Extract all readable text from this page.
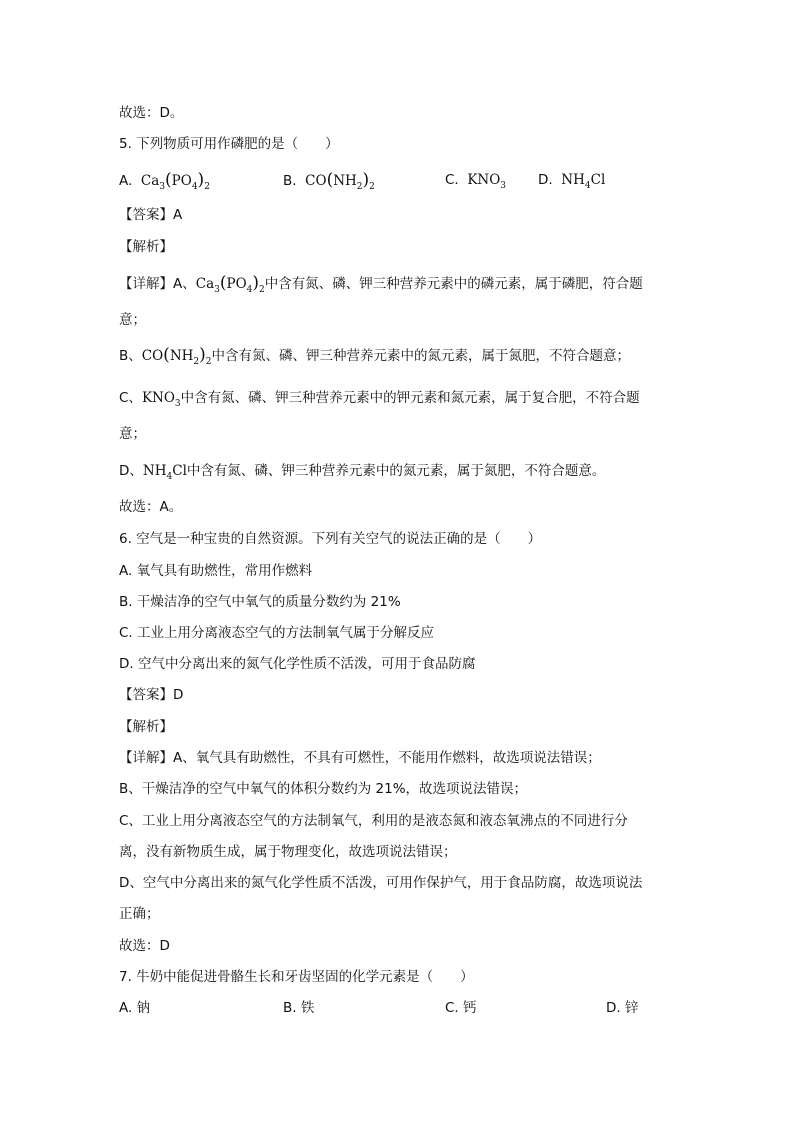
故选：D。
5. 下列物质可用作磷肥的是（　　）
A. $Ca_3(PO_4)_2$	B. $CO(NH_2)_2$	C. $KNO_3$ D. $NH_4Cl$
【答案】A
【解析】
【详解】A、$Ca_3(PO_4)_2$中含有氮、磷、钾三种营养元素中的磷元素，属于磷肥，符合题
意；
B、$CO(NH_2)_2$中含有氮、磷、钾三种营养元素中的氮元素，属于氮肥，不符合题意；
C、$KNO_3$中含有氮、磷、钾三种营养元素中的钾元素和氮元素，属于复合肥，不符合题
意；
D、$NH_4Cl$中含有氮、磷、钾三种营养元素中的氮元素，属于氮肥，不符合题意。
故选：A。
6. 空气是一种宝贵的自然资源。下列有关空气的说法正确的是（　　）
A. 氧气具有助燃性，常用作燃料
B. 干燥洁净的空气中氧气的质量分数约为 21%
C. 工业上用分离液态空气的方法制氧气属于分解反应
D. 空气中分离出来的氮气化学性质不活泼，可用于食品防腐
【答案】D
【解析】
【详解】A、氧气具有助燃性，不具有可燃性，不能用作燃料，故选项说法错误；
B、干燥洁净的空气中氧气的体积分数约为 21%，故选项说法错误；
C、工业上用分离液态空气的方法制氧气，利用的是液态氮和液态氧沸点的不同进行分
离，没有新物质生成，属于物理变化，故选项说法错误；
D、空气中分离出来的氮气化学性质不活泼，可用作保护气，用于食品防腐，故选项说法
正确；
故选：D
7. 牛奶中能促进骨骼生长和牙齿坚固的化学元素是（　　）
A. 钠	B. 铁	C. 钙	D. 锌
